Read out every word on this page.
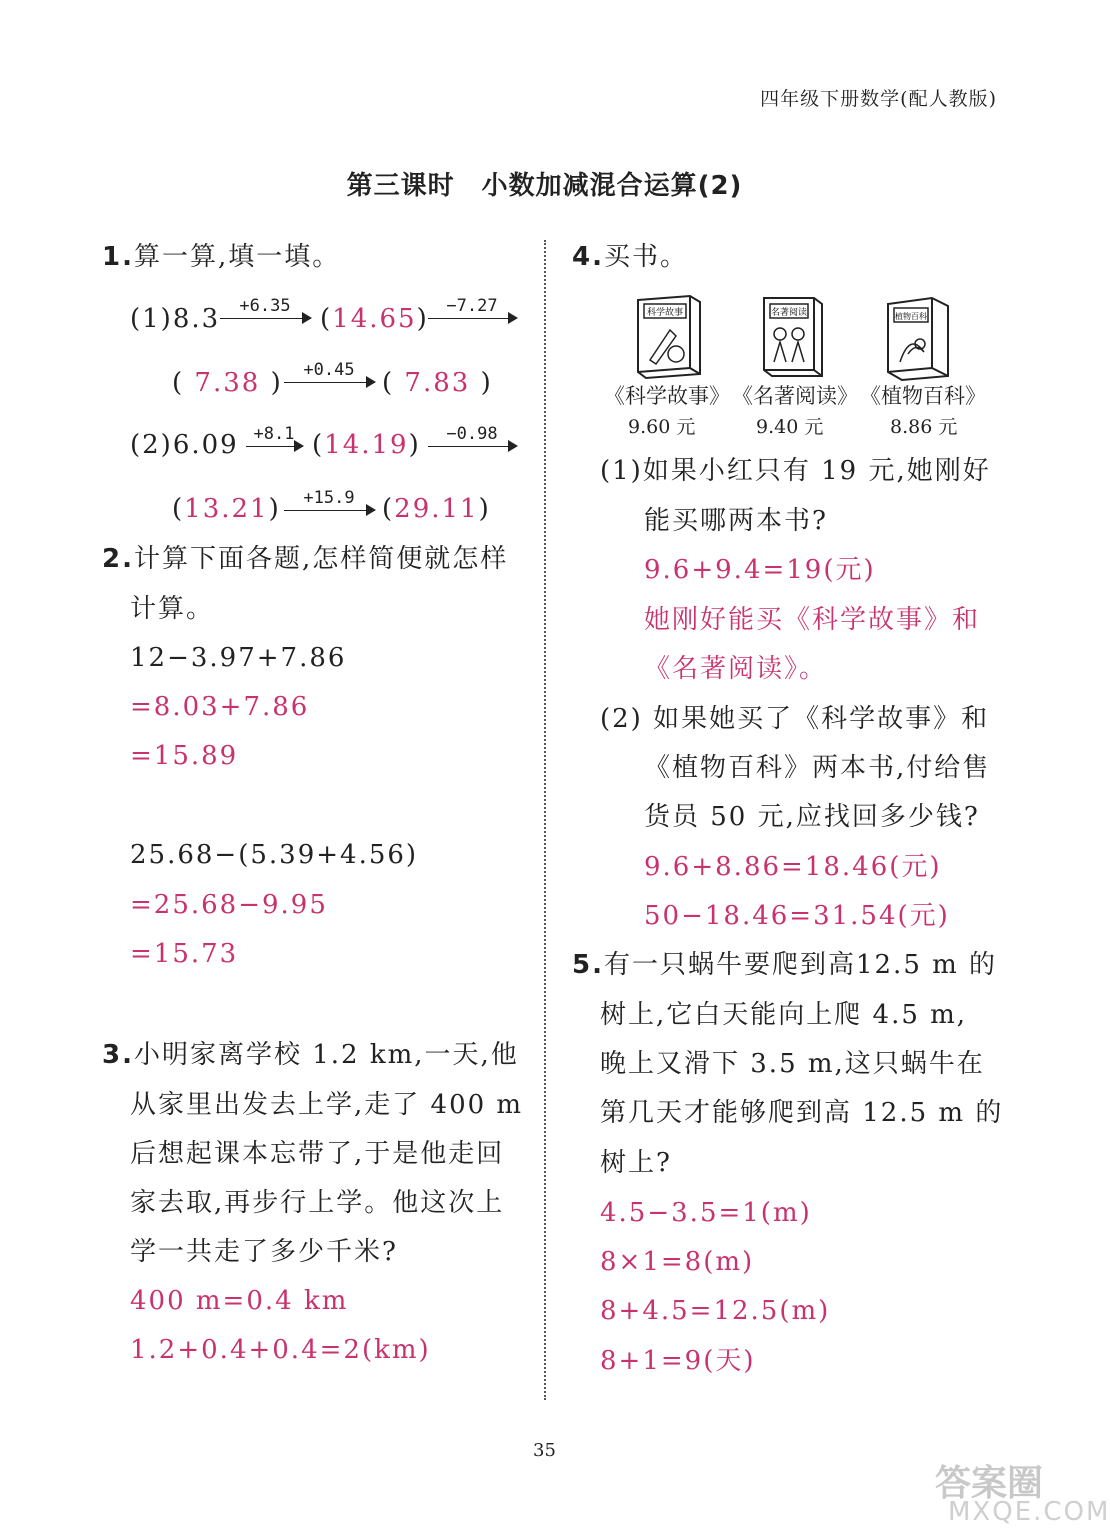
四年级下册数学(配人教版)
第三课时　小数加减混合运算(2)
1.算一算,填一填。
(1)8.3	+6.35	(14.65)	−7.27
( 7.38 )	+0.45	( 7.83 )
(2)6.09 +8.1 (14.19)	−0.98
(13.21)	+15.9	(29.11)
2.计算下面各题,怎样简便就怎样
计算。
12−3.97+7.86
=8.03+7.86
=15.89
25.68−(5.39+4.56)
=25.68−9.95
=15.73
3.小明家离学校 1.2 km,一天,他
从家里出发去上学,走了 400 m
后想起课本忘带了,于是他走回
家去取,再步行上学。他这次上
学一共走了多少千米?
400 m=0.4 km
1.2+0.4+0.4=2(km)
4.买书。
科学故事	名著阅读	植物百科
《科学故事》 《名著阅读》 《植物百科》
9.60 元	9.40 元	8.86 元
(1)如果小红只有 19 元,她刚好
能买哪两本书?
9.6+9.4=19(元)
她刚好能买《科学故事》和
《名著阅读》。
(2) 如果她买了《科学故事》和
《植物百科》两本书,付给售
货员 50 元,应找回多少钱?
9.6+8.86=18.46(元)
50−18.46=31.54(元)
5.有一只蜗牛要爬到高12.5 m 的
树上,它白天能向上爬 4.5 m,
晚上又滑下 3.5 m,这只蜗牛在
第几天才能够爬到高 12.5 m 的
树上?
4.5−3.5=1(m)
8×1=8(m)
8+4.5=12.5(m)
8+1=9(天)
35
答案圈
MXQE.COM
